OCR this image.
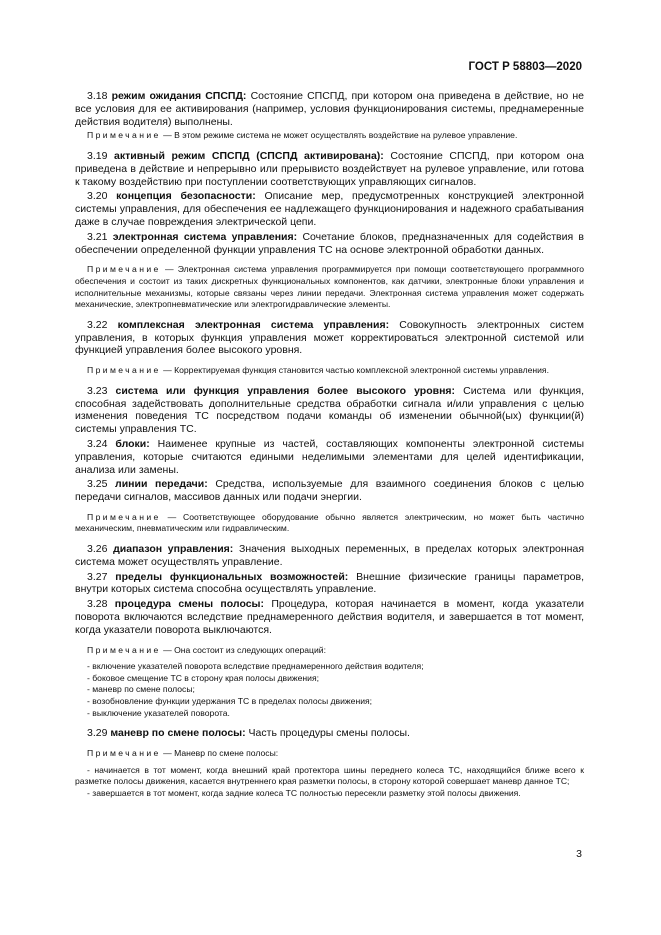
ГОСТ Р 58803—2020

3.18 режим ожидания СПСПД: Состояние СПСПД, при котором она приведена в действие, но не все условия для ее активирования (например, условия функционирования системы, преднамеренные действия водителя) выполнены.

Примечание — В этом режиме система не может осуществлять воздействие на рулевое управление.

3.19 активный режим СПСПД (СПСПД активирована): Состояние СПСПД, при котором она приведена в действие и непрерывно или прерывисто воздействует на рулевое управление, или готова к такому воздействию при поступлении соответствующих управляющих сигналов.

3.20 концепция безопасности: Описание мер, предусмотренных конструкцией электронной системы управления, для обеспечения ее надлежащего функционирования и надежного срабатывания даже в случае повреждения электрической цепи.

3.21 электронная система управления: Сочетание блоков, предназначенных для содействия в обеспечении определенной функции управления ТС на основе электронной обработки данных.

Примечание — Электронная система управления программируется при помощи соответствующего программного обеспечения и состоит из таких дискретных функциональных компонентов, как датчики, электронные блоки управления и исполнительные механизмы, которые связаны через линии передачи. Электронная система управления может содержать механические, электропневматические или электрогидравлические элементы.

3.22 комплексная электронная система управления: Совокупность электронных систем управления, в которых функция управления может корректироваться электронной системой или функцией управления более высокого уровня.

Примечание — Корректируемая функция становится частью комплексной электронной системы управления.

3.23 система или функция управления более высокого уровня: Система или функция, способная задействовать дополнительные средства обработки сигнала и/или управления с целью изменения поведения ТС посредством подачи команды об изменении обычной(ых) функции(й) системы управления ТС.

3.24 блоки: Наименее крупные из частей, составляющих компоненты электронной системы управления, которые считаются едиными неделимыми элементами для целей идентификации, анализа или замены.

3.25 линии передачи: Средства, используемые для взаимного соединения блоков с целью передачи сигналов, массивов данных или подачи энергии.

Примечание — Соответствующее оборудование обычно является электрическим, но может быть частично механическим, пневматическим или гидравлическим.

3.26 диапазон управления: Значения выходных переменных, в пределах которых электронная система может осуществлять управление.

3.27 пределы функциональных возможностей: Внешние физические границы параметров, внутри которых система способна осуществлять управление.

3.28 процедура смены полосы: Процедура, которая начинается в момент, когда указатели поворота включаются вследствие преднамеренного действия водителя, и завершается в тот момент, когда указатели поворота выключаются.

Примечание — Она состоит из следующих операций:

- включение указателей поворота вследствие преднамеренного действия водителя;
- боковое смещение ТС в сторону края полосы движения;
- маневр по смене полосы;
- возобновление функции удержания ТС в пределах полосы движения;
- выключение указателей поворота.

3.29 маневр по смене полосы: Часть процедуры смены полосы.

Примечание — Маневр по смене полосы:

- начинается в тот момент, когда внешний край протектора шины переднего колеса ТС, находящийся ближе всего к разметке полосы движения, касается внутреннего края разметки полосы, в сторону которой совершает маневр данное ТС;
- завершается в тот момент, когда задние колеса ТС полностью пересекли разметку этой полосы движения.
3
